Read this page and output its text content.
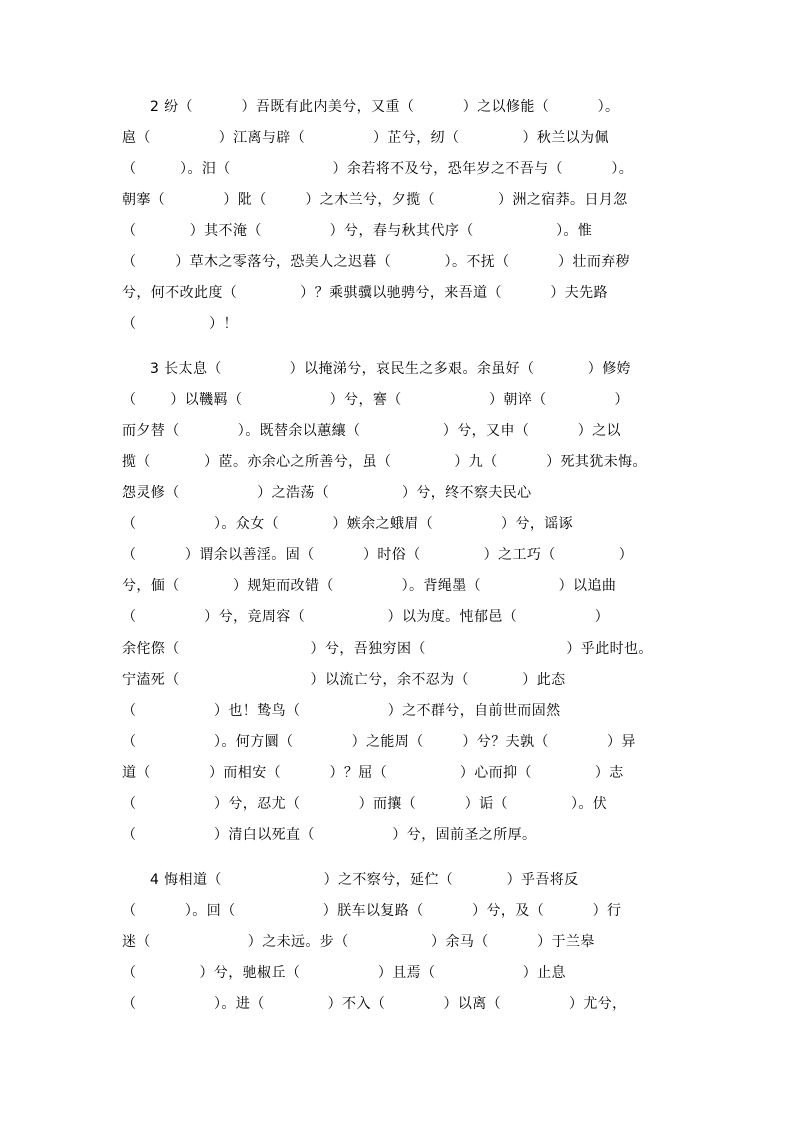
2 纷（          ）吾既有此内美兮，又重（          ）之以修能（          ）。
扈（              ）江离与辟（              ）芷兮，纫（             ）秋兰以为佩
（         ）。汨（                     ）余若将不及兮，恐年岁之不吾与（          ）。
朝搴（            ）阰（        ）之木兰兮，夕揽（             ）洲之宿莽。日月忽
（           ）其不淹（              ）兮，春与秋其代序（                 ）。惟
（        ）草木之零落兮，恐美人之迟暮（           ）。不抚（          ）壮而弃秽
兮，何不改此度（             ）？乘骐骥以驰骋兮，来吾道（          ）夫先路
（               ）！
3 长太息（              ）以掩涕兮，哀民生之多艰。余虽好（           ）修姱
（       ）以鞿羁（                  ）兮，謇（                  ）朝谇（              ）
而夕替（            ）。既替余以蕙纕（                 ）兮，又申（          ）之以
揽（           ）茝。亦余心之所善兮，虽（             ）九（          ）死其犹未悔。
怨灵修（                ）之浩荡（               ）兮，终不察夫民心
（                ）。众女（           ）嫉余之蛾眉（              ）兮，谣诼
（          ）谓余以善淫。固（          ）时俗（             ）之工巧（             ）
兮，偭（           ）规矩而改错（              ）。背绳墨（                ）以追曲
（              ）兮，竞周容（                 ）以为度。忳郁邑（                ）
余侘傺（                           ）兮，吾独穷困（                             ）乎此时也。
宁溘死（                           ）以流亡兮，余不忍为（           ）此态
（                ）也！鸷鸟（                  ）之不群兮，自前世而固然
（                ）。何方圜（            ）之能周（        ）兮？夫孰（            ）异
道（            ）而相安（          ）？屈（               ）心而抑（             ）志
（                ）兮，忍尤（            ）而攘（          ）诟（             ）。伏
（                ）清白以死直（                ）兮，固前圣之所厚。
4 悔相道（                     ）之不察兮，延伫（           ）乎吾将反
（          ）。回（                  ）朕车以复路（          ）兮，及（          ）行
迷（                    ）之未远。步（                 ）余马（          ）于兰皋
（             ）兮，驰椒丘（                ）且焉（                  ）止息
（                ）。进（             ）不入（            ）以离（              ）尤兮，
